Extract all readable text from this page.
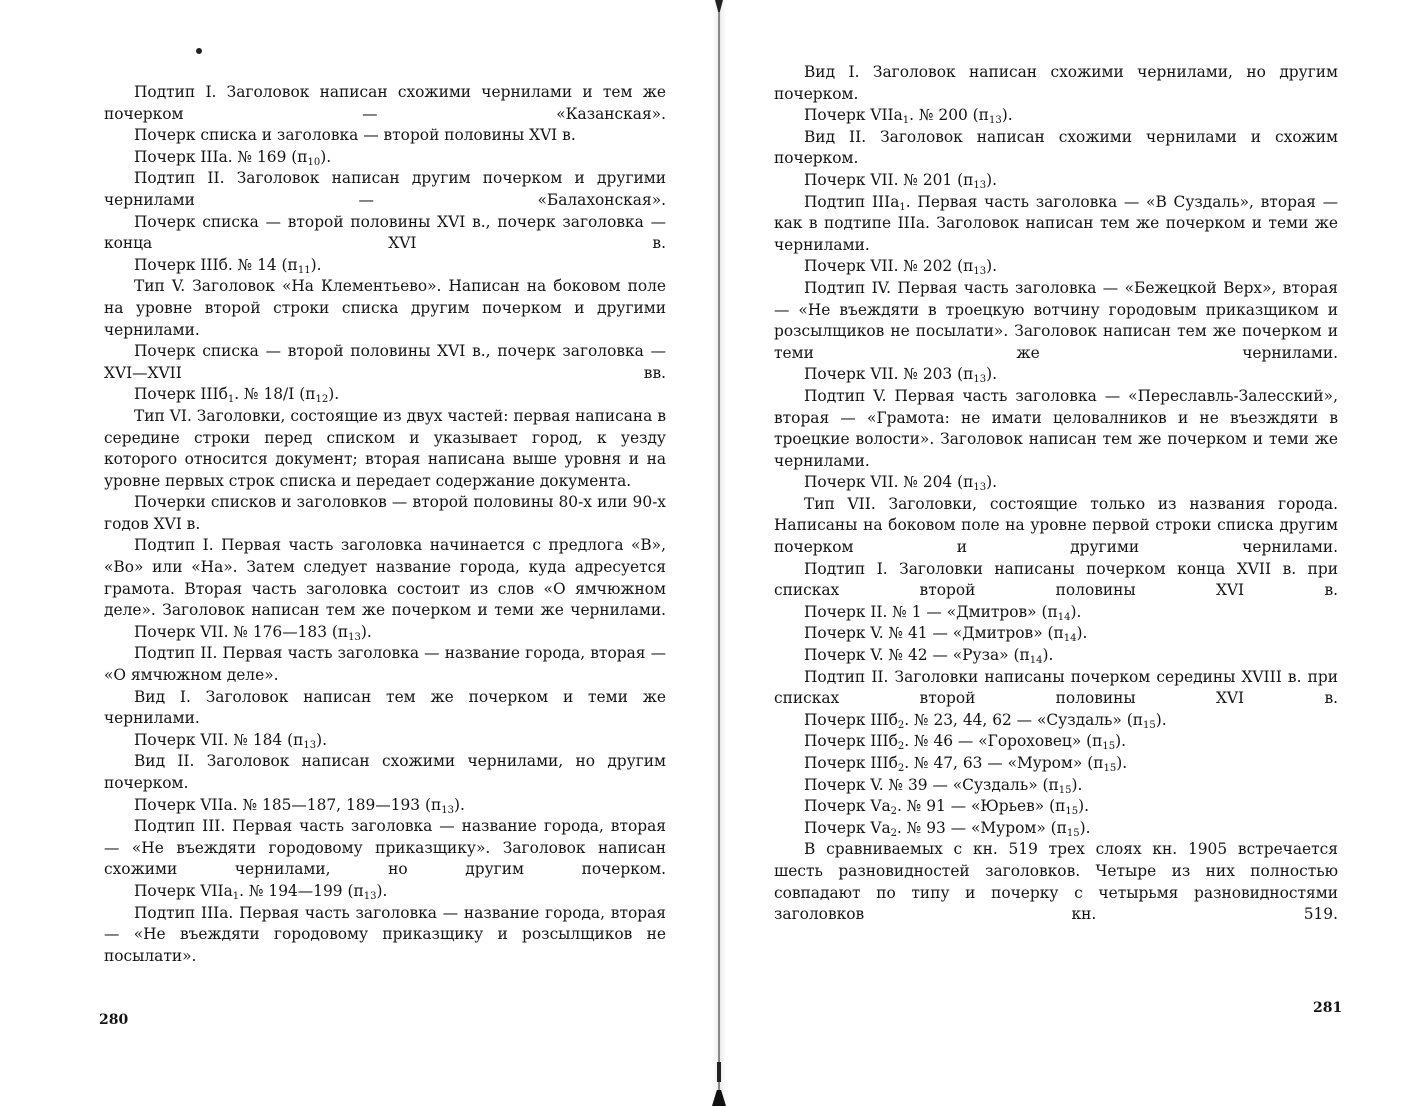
Подтип I. Заголовок написан схожими чернилами и тем же почерком — «Казанская».

Почерк списка и заголовка — второй половины XVI в.

Почерк IIIа. № 169 $(п_{10})$.

Подтип II. Заголовок написан другим почерком и другими чернилами — «Балахонская».

Почерк списка — второй половины XVI в., почерк заголовка — конца XVI в.

Почерк IIIб. № 14 $(п_{11})$.

Тип V. Заголовок «На Клементьево». Написан на боковом поле на уровне второй строки списка другим почерком и другими чернилами.

Почерк списка — второй половины XVI в., почерк заголовка — XVI—XVII вв.

Почерк IIIб$_1$. № 18/I $(п_{12})$.

Тип VI. Заголовки, состоящие из двух частей: первая написана в середине строки перед списком и указывает город, к уезду которого относится документ; вторая написана выше уровня и на уровне первых строк списка и передает содержание документа.

Почерки списков и заголовков — второй половины 80-х или 90-х годов XVI в.

Подтип I. Первая часть заголовка начинается с предлога «В», «Во» или «На». Затем следует название города, куда адресуется грамота. Вторая часть заголовка состоит из слов «О ямчюжном деле». Заголовок написан тем же почерком и теми же чернилами.

Почерк VII. № 176—183 $(п_{13})$.

Подтип II. Первая часть заголовка — название города, вторая — «О ямчюжном деле».

Вид I. Заголовок написан тем же почерком и теми же чернилами.

Почерк VII. № 184 $(п_{13})$.

Вид II. Заголовок написан схожими чернилами, но другим почерком.

Почерк VIIа. № 185—187, 189—193 $(п_{13})$.

Подтип III. Первая часть заголовка — название города, вторая — «Не въеждяти городовому приказщику». Заголовок написан схожими чернилами, но другим почерком.

Почерк VIIа$_1$. № 194—199 $(п_{13})$.

Подтип IIIа. Первая часть заголовка — название города, вторая — «Не въеждяти городовому приказщику и розсылщиков не посылати».

280

Вид I. Заголовок написан схожими чернилами, но другим почерком.

Почерк VIIа$_1$. № 200 $(п_{13})$.

Вид II. Заголовок написан схожими чернилами и схожим почерком.

Почерк VII. № 201 $(п_{13})$.

Подтип IIIа$_1$. Первая часть заголовка — «В Суздаль», вторая — как в подтипе IIIа. Заголовок написан тем же почерком и теми же чернилами.

Почерк VII. № 202 $(п_{13})$.

Подтип IV. Первая часть заголовка — «Бежецкой Верх», вторая — «Не въеждяти в троецкую вотчину городовым приказщиком и розсылщиков не посылати». Заголовок написан тем же почерком и теми же чернилами.

Почерк VII. № 203 $(п_{13})$.

Подтип V. Первая часть заголовка — «Переславль-Залесский», вторая — «Грамота: не имати целовалников и не въезждяти в троецкие волости». Заголовок написан тем же почерком и теми же чернилами.

Почерк VII. № 204 $(п_{13})$.

Тип VII. Заголовки, состоящие только из названия города. Написаны на боковом поле на уровне первой строки списка другим почерком и другими чернилами.

Подтип I. Заголовки написаны почерком конца XVII в. при списках второй половины XVI в.

Почерк II. № 1 — «Дмитров» $(п_{14})$.

Почерк V. № 41 — «Дмитров» $(п_{14})$.

Почерк V. № 42 — «Руза» $(п_{14})$.

Подтип II. Заголовки написаны почерком середины XVIII в. при списках второй половины XVI в.

Почерк IIIб$_2$. № 23, 44, 62 — «Суздаль» $(п_{15})$.

Почерк IIIб$_2$. № 46 — «Гороховец» $(п_{15})$.

Почерк IIIб$_2$. № 47, 63 — «Муром» $(п_{15})$.

Почерк V. № 39 — «Суздаль» $(п_{15})$.

Почерк $Vа_2$. № 91 — «Юрьев» $(п_{15})$.

Почерк $Vа_2$. № 93 — «Муром» $(п_{15})$.

В сравниваемых с кн. 519 трех слоях кн. 1905 встречается шесть разновидностей заголовков. Четыре из них полностью совпадают по типу и почерку с четырьмя разновидностями заголовков кн. 519.

281
